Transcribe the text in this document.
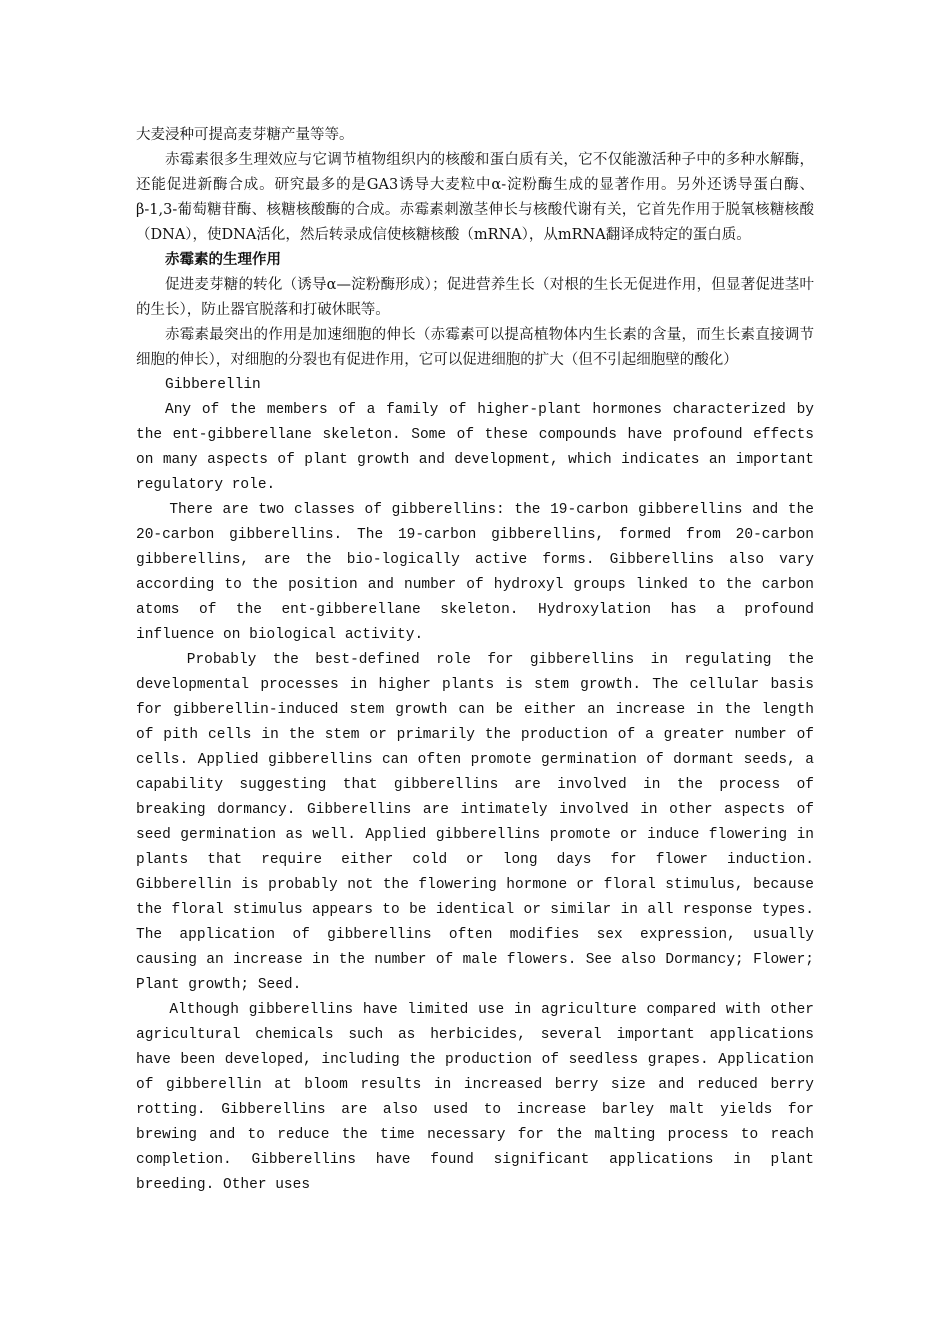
大麦浸种可提高麦芽糖产量等等。

赤霉素很多生理效应与它调节植物组织内的核酸和蛋白质有关，它不仅能激活种子中的多种水解酶，还能促进新酶合成。研究最多的是GA3诱导大麦粒中α-淀粉酶生成的显著作用。另外还诱导蛋白酶、β-1,3-葡萄糖苷酶、核糖核酸酶的合成。赤霉素刺激茎伸长与核酸代谢有关，它首先作用于脱氧核糖核酸（DNA），使DNA活化，然后转录成信使核糖核酸（mRNA），从mRNA翻译成特定的蛋白质。

赤霉素的生理作用

促进麦芽糖的转化（诱导α—淀粉酶形成）；促进营养生长（对根的生长无促进作用，但显著促进茎叶的生长），防止器官脱落和打破休眠等。

赤霉素最突出的作用是加速细胞的伸长（赤霉素可以提高植物体内生长素的含量，而生长素直接调节细胞的伸长），对细胞的分裂也有促进作用，它可以促进细胞的扩大（但不引起细胞壁的酸化）

Gibberellin

Any of the members of a family of higher-plant hormones characterized by the ent-gibberellane skeleton. Some of these compounds have profound effects on many aspects of plant growth and development, which indicates an important regulatory role.

There are two classes of gibberellins: the 19-carbon gibberellins and the 20-carbon gibberellins. The 19-carbon gibberellins, formed from 20-carbon gibberellins, are the bio-logically active forms. Gibberellins also vary according to the position and number of hydroxyl groups linked to the carbon atoms of the ent-gibberellane skeleton. Hydroxylation has a profound influence on biological activity.

Probably the best-defined role for gibberellins in regulating the developmental processes in higher plants is stem growth. The cellular basis for gibberellin-induced stem growth can be either an increase in the length of pith cells in the stem or primarily the production of a greater number of cells. Applied gibberellins can often promote germination of dormant seeds, a capability suggesting that gibberellins are involved in the process of breaking dormancy. Gibberellins are intimately involved in other aspects of seed germination as well. Applied gibberellins promote or induce flowering in plants that require either cold or long days for flower induction. Gibberellin is probably not the flowering hormone or floral stimulus, because the floral stimulus appears to be identical or similar in all response types. The application of gibberellins often modifies sex expression, usually causing an increase in the number of male flowers. See also Dormancy; Flower; Plant growth; Seed.

Although gibberellins have limited use in agriculture compared with other agricultural chemicals such as herbicides, several important applications have been developed, including the production of seedless grapes. Application of gibberellin at bloom results in increased berry size and reduced berry rotting. Gibberellins are also used to increase barley malt yields for brewing and to reduce the time necessary for the malting process to reach completion. Gibberellins have found significant applications in plant breeding. Other uses
